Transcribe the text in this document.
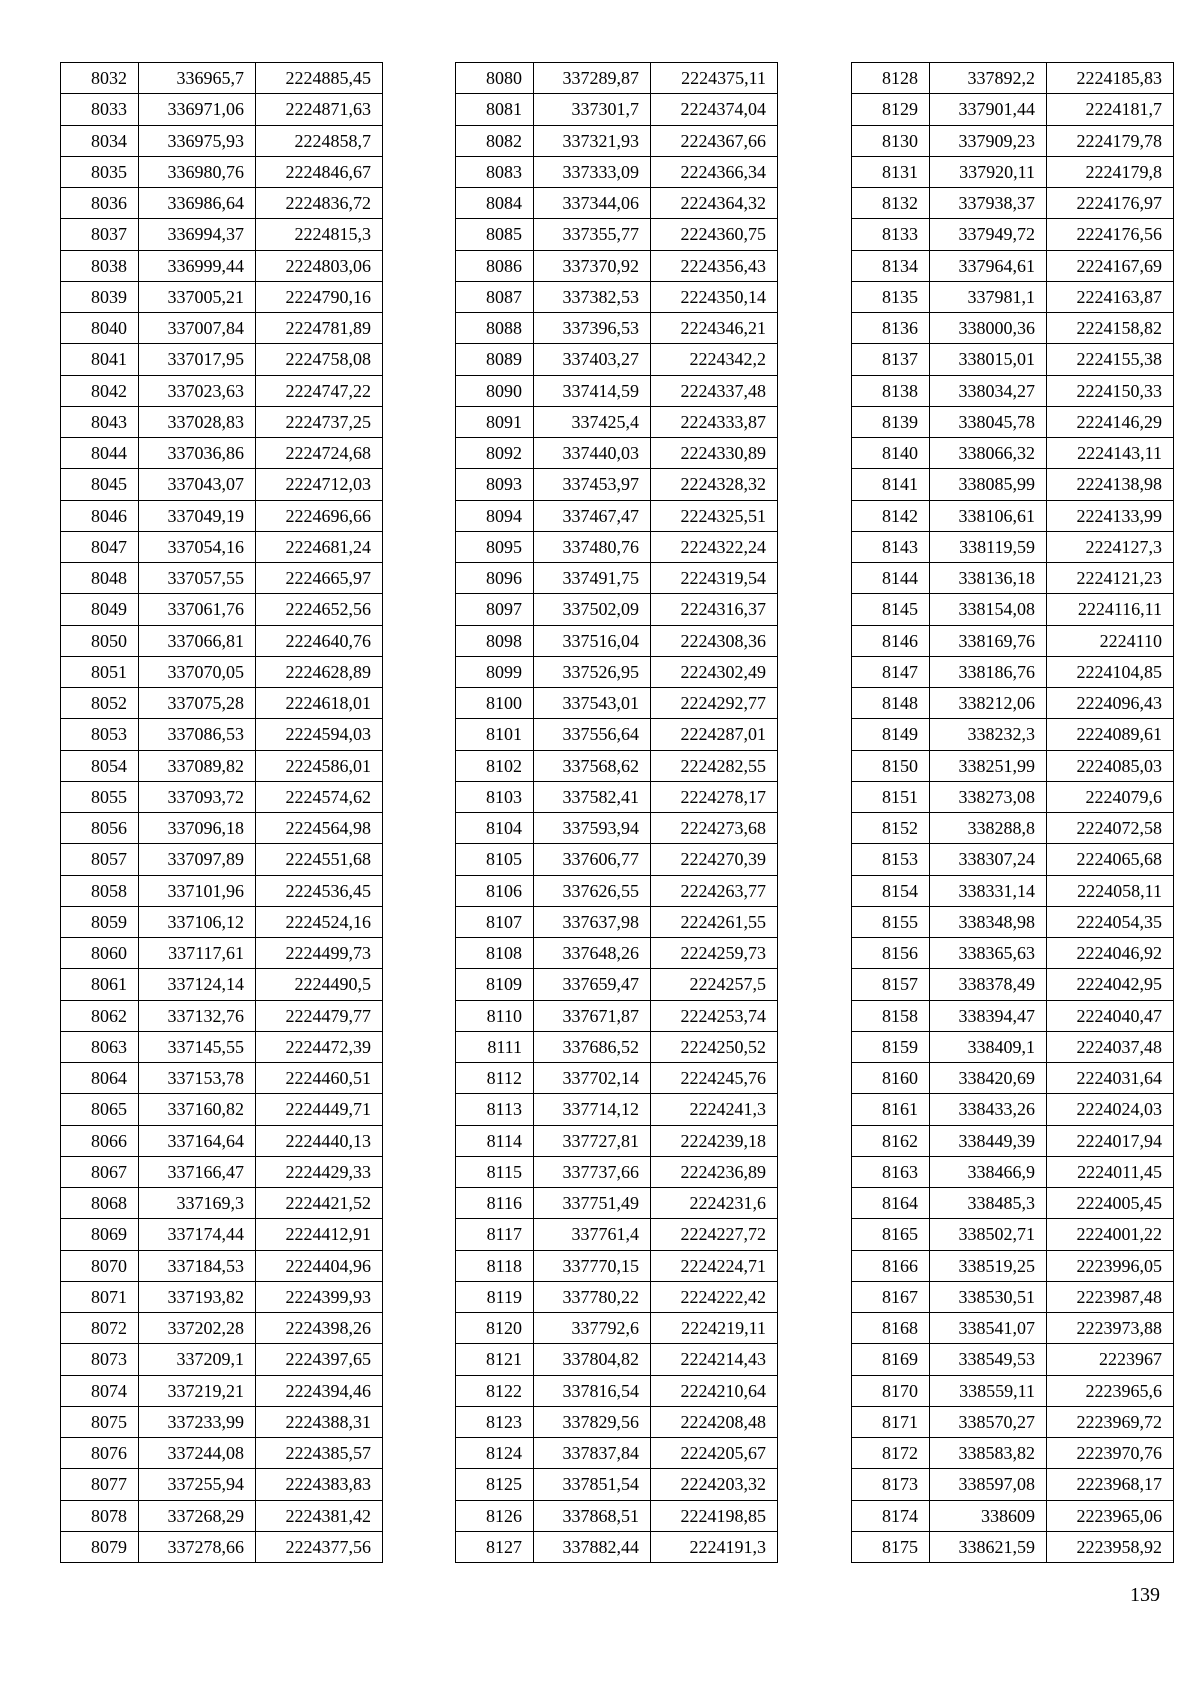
8032	336965,7	2224885,45
8033	336971,06	2224871,63
8034	336975,93	2224858,7
8035	336980,76	2224846,67
8036	336986,64	2224836,72
8037	336994,37	2224815,3
8038	336999,44	2224803,06
8039	337005,21	2224790,16
8040	337007,84	2224781,89
8041	337017,95	2224758,08
8042	337023,63	2224747,22
8043	337028,83	2224737,25
8044	337036,86	2224724,68
8045	337043,07	2224712,03
8046	337049,19	2224696,66
8047	337054,16	2224681,24
8048	337057,55	2224665,97
8049	337061,76	2224652,56
8050	337066,81	2224640,76
8051	337070,05	2224628,89
8052	337075,28	2224618,01
8053	337086,53	2224594,03
8054	337089,82	2224586,01
8055	337093,72	2224574,62
8056	337096,18	2224564,98
8057	337097,89	2224551,68
8058	337101,96	2224536,45
8059	337106,12	2224524,16
8060	337117,61	2224499,73
8061	337124,14	2224490,5
8062	337132,76	2224479,77
8063	337145,55	2224472,39
8064	337153,78	2224460,51
8065	337160,82	2224449,71
8066	337164,64	2224440,13
8067	337166,47	2224429,33
8068	337169,3	2224421,52
8069	337174,44	2224412,91
8070	337184,53	2224404,96
8071	337193,82	2224399,93
8072	337202,28	2224398,26
8073	337209,1	2224397,65
8074	337219,21	2224394,46
8075	337233,99	2224388,31
8076	337244,08	2224385,57
8077	337255,94	2224383,83
8078	337268,29	2224381,42
8079	337278,66	2224377,56
8080	337289,87	2224375,11
8081	337301,7	2224374,04
8082	337321,93	2224367,66
8083	337333,09	2224366,34
8084	337344,06	2224364,32
8085	337355,77	2224360,75
8086	337370,92	2224356,43
8087	337382,53	2224350,14
8088	337396,53	2224346,21
8089	337403,27	2224342,2
8090	337414,59	2224337,48
8091	337425,4	2224333,87
8092	337440,03	2224330,89
8093	337453,97	2224328,32
8094	337467,47	2224325,51
8095	337480,76	2224322,24
8096	337491,75	2224319,54
8097	337502,09	2224316,37
8098	337516,04	2224308,36
8099	337526,95	2224302,49
8100	337543,01	2224292,77
8101	337556,64	2224287,01
8102	337568,62	2224282,55
8103	337582,41	2224278,17
8104	337593,94	2224273,68
8105	337606,77	2224270,39
8106	337626,55	2224263,77
8107	337637,98	2224261,55
8108	337648,26	2224259,73
8109	337659,47	2224257,5
8110	337671,87	2224253,74
8111	337686,52	2224250,52
8112	337702,14	2224245,76
8113	337714,12	2224241,3
8114	337727,81	2224239,18
8115	337737,66	2224236,89
8116	337751,49	2224231,6
8117	337761,4	2224227,72
8118	337770,15	2224224,71
8119	337780,22	2224222,42
8120	337792,6	2224219,11
8121	337804,82	2224214,43
8122	337816,54	2224210,64
8123	337829,56	2224208,48
8124	337837,84	2224205,67
8125	337851,54	2224203,32
8126	337868,51	2224198,85
8127	337882,44	2224191,3
8128	337892,2	2224185,83
8129	337901,44	2224181,7
8130	337909,23	2224179,78
8131	337920,11	2224179,8
8132	337938,37	2224176,97
8133	337949,72	2224176,56
8134	337964,61	2224167,69
8135	337981,1	2224163,87
8136	338000,36	2224158,82
8137	338015,01	2224155,38
8138	338034,27	2224150,33
8139	338045,78	2224146,29
8140	338066,32	2224143,11
8141	338085,99	2224138,98
8142	338106,61	2224133,99
8143	338119,59	2224127,3
8144	338136,18	2224121,23
8145	338154,08	2224116,11
8146	338169,76	2224110
8147	338186,76	2224104,85
8148	338212,06	2224096,43
8149	338232,3	2224089,61
8150	338251,99	2224085,03
8151	338273,08	2224079,6
8152	338288,8	2224072,58
8153	338307,24	2224065,68
8154	338331,14	2224058,11
8155	338348,98	2224054,35
8156	338365,63	2224046,92
8157	338378,49	2224042,95
8158	338394,47	2224040,47
8159	338409,1	2224037,48
8160	338420,69	2224031,64
8161	338433,26	2224024,03
8162	338449,39	2224017,94
8163	338466,9	2224011,45
8164	338485,3	2224005,45
8165	338502,71	2224001,22
8166	338519,25	2223996,05
8167	338530,51	2223987,48
8168	338541,07	2223973,88
8169	338549,53	2223967
8170	338559,11	2223965,6
8171	338570,27	2223969,72
8172	338583,82	2223970,76
8173	338597,08	2223968,17
8174	338609	2223965,06
8175	338621,59	2223958,92
139
